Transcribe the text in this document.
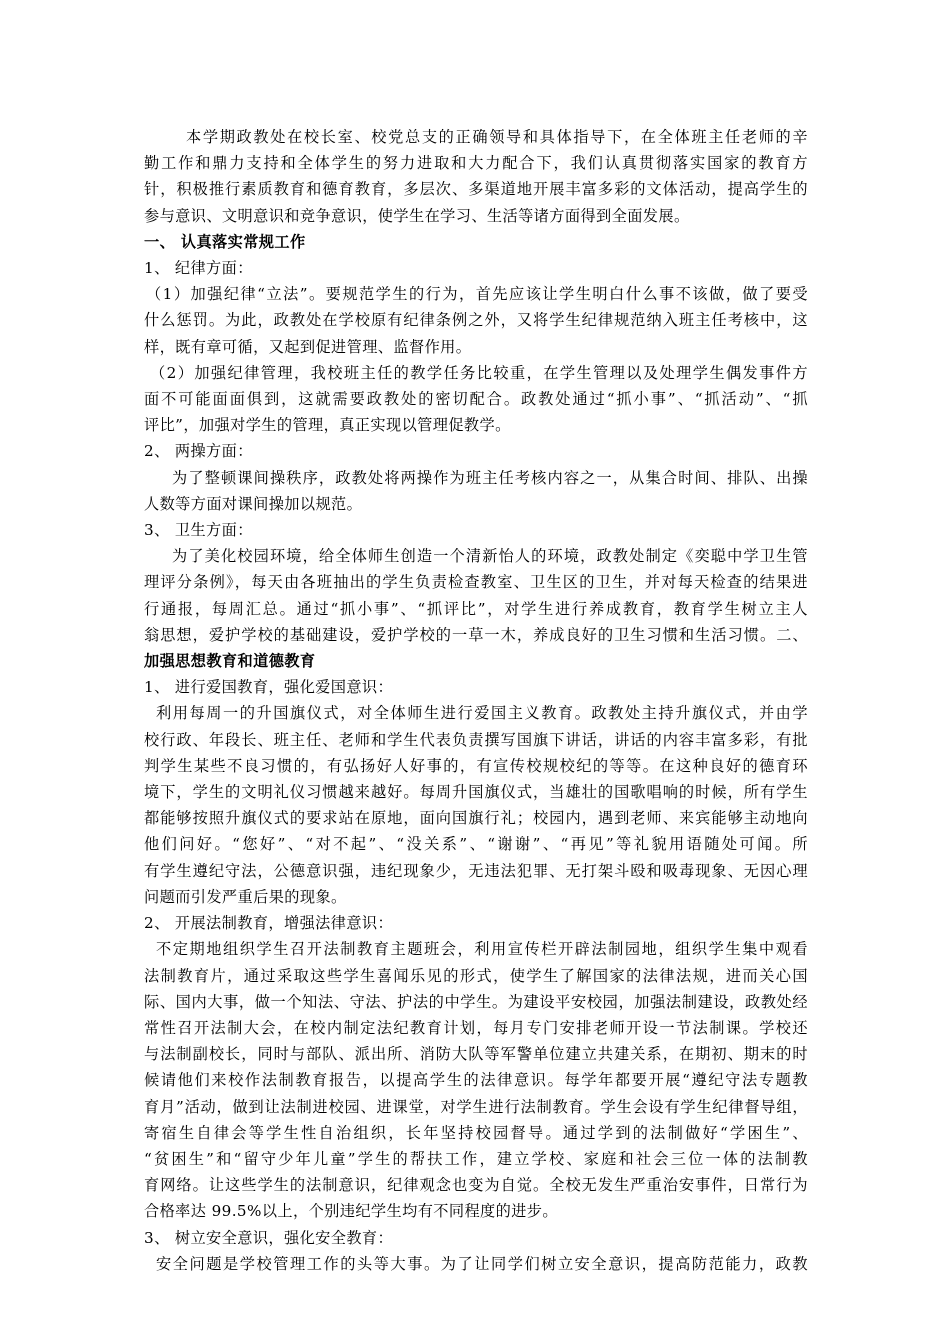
本学期政教处在校长室、校党总支的正确领导和具体指导下，在全体班主任老师的辛
勤工作和鼎力支持和全体学生的努力进取和大力配合下，我们认真贯彻落实国家的教育方
针，积极推行素质教育和德育教育，多层次、多渠道地开展丰富多彩的文体活动，提高学生的
参与意识、文明意识和竞争意识，使学生在学习、生活等诸方面得到全面发展。
一、 认真落实常规工作
1、 纪律方面：
（1）加强纪律“立法”。要规范学生的行为，首先应该让学生明白什么事不该做，做了要受
什么惩罚。为此，政教处在学校原有纪律条例之外，又将学生纪律规范纳入班主任考核中，这
样，既有章可循，又起到促进管理、监督作用。
（2）加强纪律管理，我校班主任的教学任务比较重，在学生管理以及处理学生偶发事件方
面不可能面面俱到，这就需要政教处的密切配合。政教处通过“抓小事”、“抓活动”、“抓
评比”，加强对学生的管理，真正实现以管理促教学。
2、 两操方面：
为了整顿课间操秩序，政教处将两操作为班主任考核内容之一，从集合时间、排队、出操
人数等方面对课间操加以规范。
3、 卫生方面：
为了美化校园环境，给全体师生创造一个清新怡人的环境，政教处制定《奕聪中学卫生管
理评分条例》，每天由各班抽出的学生负责检查教室、卫生区的卫生，并对每天检查的结果进
行通报，每周汇总。通过“抓小事”、“抓评比”，对学生进行养成教育，教育学生树立主人
翁思想，爱护学校的基础建设，爱护学校的一草一木，养成良好的卫生习惯和生活习惯。二、
加强思想教育和道德教育
1、 进行爱国教育，强化爱国意识：
利用每周一的升国旗仪式，对全体师生进行爱国主义教育。政教处主持升旗仪式，并由学
校行政、年段长、班主任、老师和学生代表负责撰写国旗下讲话，讲话的内容丰富多彩，有批
判学生某些不良习惯的，有弘扬好人好事的，有宣传校规校纪的等等。在这种良好的德育环
境下，学生的文明礼仪习惯越来越好。每周升国旗仪式，当雄壮的国歌唱响的时候，所有学生
都能够按照升旗仪式的要求站在原地，面向国旗行礼；校园内，遇到老师、来宾能够主动地向
他们问好。“您好”、“对不起”、“没关系”、“谢谢”、“再见”等礼貌用语随处可闻。所
有学生遵纪守法，公德意识强，违纪现象少，无违法犯罪、无打架斗殴和吸毒现象、无因心理
问题而引发严重后果的现象。
2、 开展法制教育，增强法律意识：
不定期地组织学生召开法制教育主题班会，利用宣传栏开辟法制园地，组织学生集中观看
法制教育片，通过采取这些学生喜闻乐见的形式，使学生了解国家的法律法规，进而关心国
际、国内大事，做一个知法、守法、护法的中学生。为建设平安校园，加强法制建设，政教处经
常性召开法制大会，在校内制定法纪教育计划，每月专门安排老师开设一节法制课。学校还
与法制副校长，同时与部队、派出所、消防大队等军警单位建立共建关系，在期初、期末的时
候请他们来校作法制教育报告，以提高学生的法律意识。每学年都要开展“遵纪守法专题教
育月”活动，做到让法制进校园、进课堂，对学生进行法制教育。学生会设有学生纪律督导组，
寄宿生自律会等学生性自治组织，长年坚持校园督导。通过学到的法制做好“学困生”、
“贫困生”和“留守少年儿童”学生的帮扶工作，建立学校、家庭和社会三位一体的法制教
育网络。让这些学生的法制意识，纪律观念也变为自觉。全校无发生严重治安事件，日常行为
合格率达 99.5%以上，个别违纪学生均有不同程度的进步。
3、 树立安全意识，强化安全教育：
安全问题是学校管理工作的头等大事。为了让同学们树立安全意识，提高防范能力，政教
